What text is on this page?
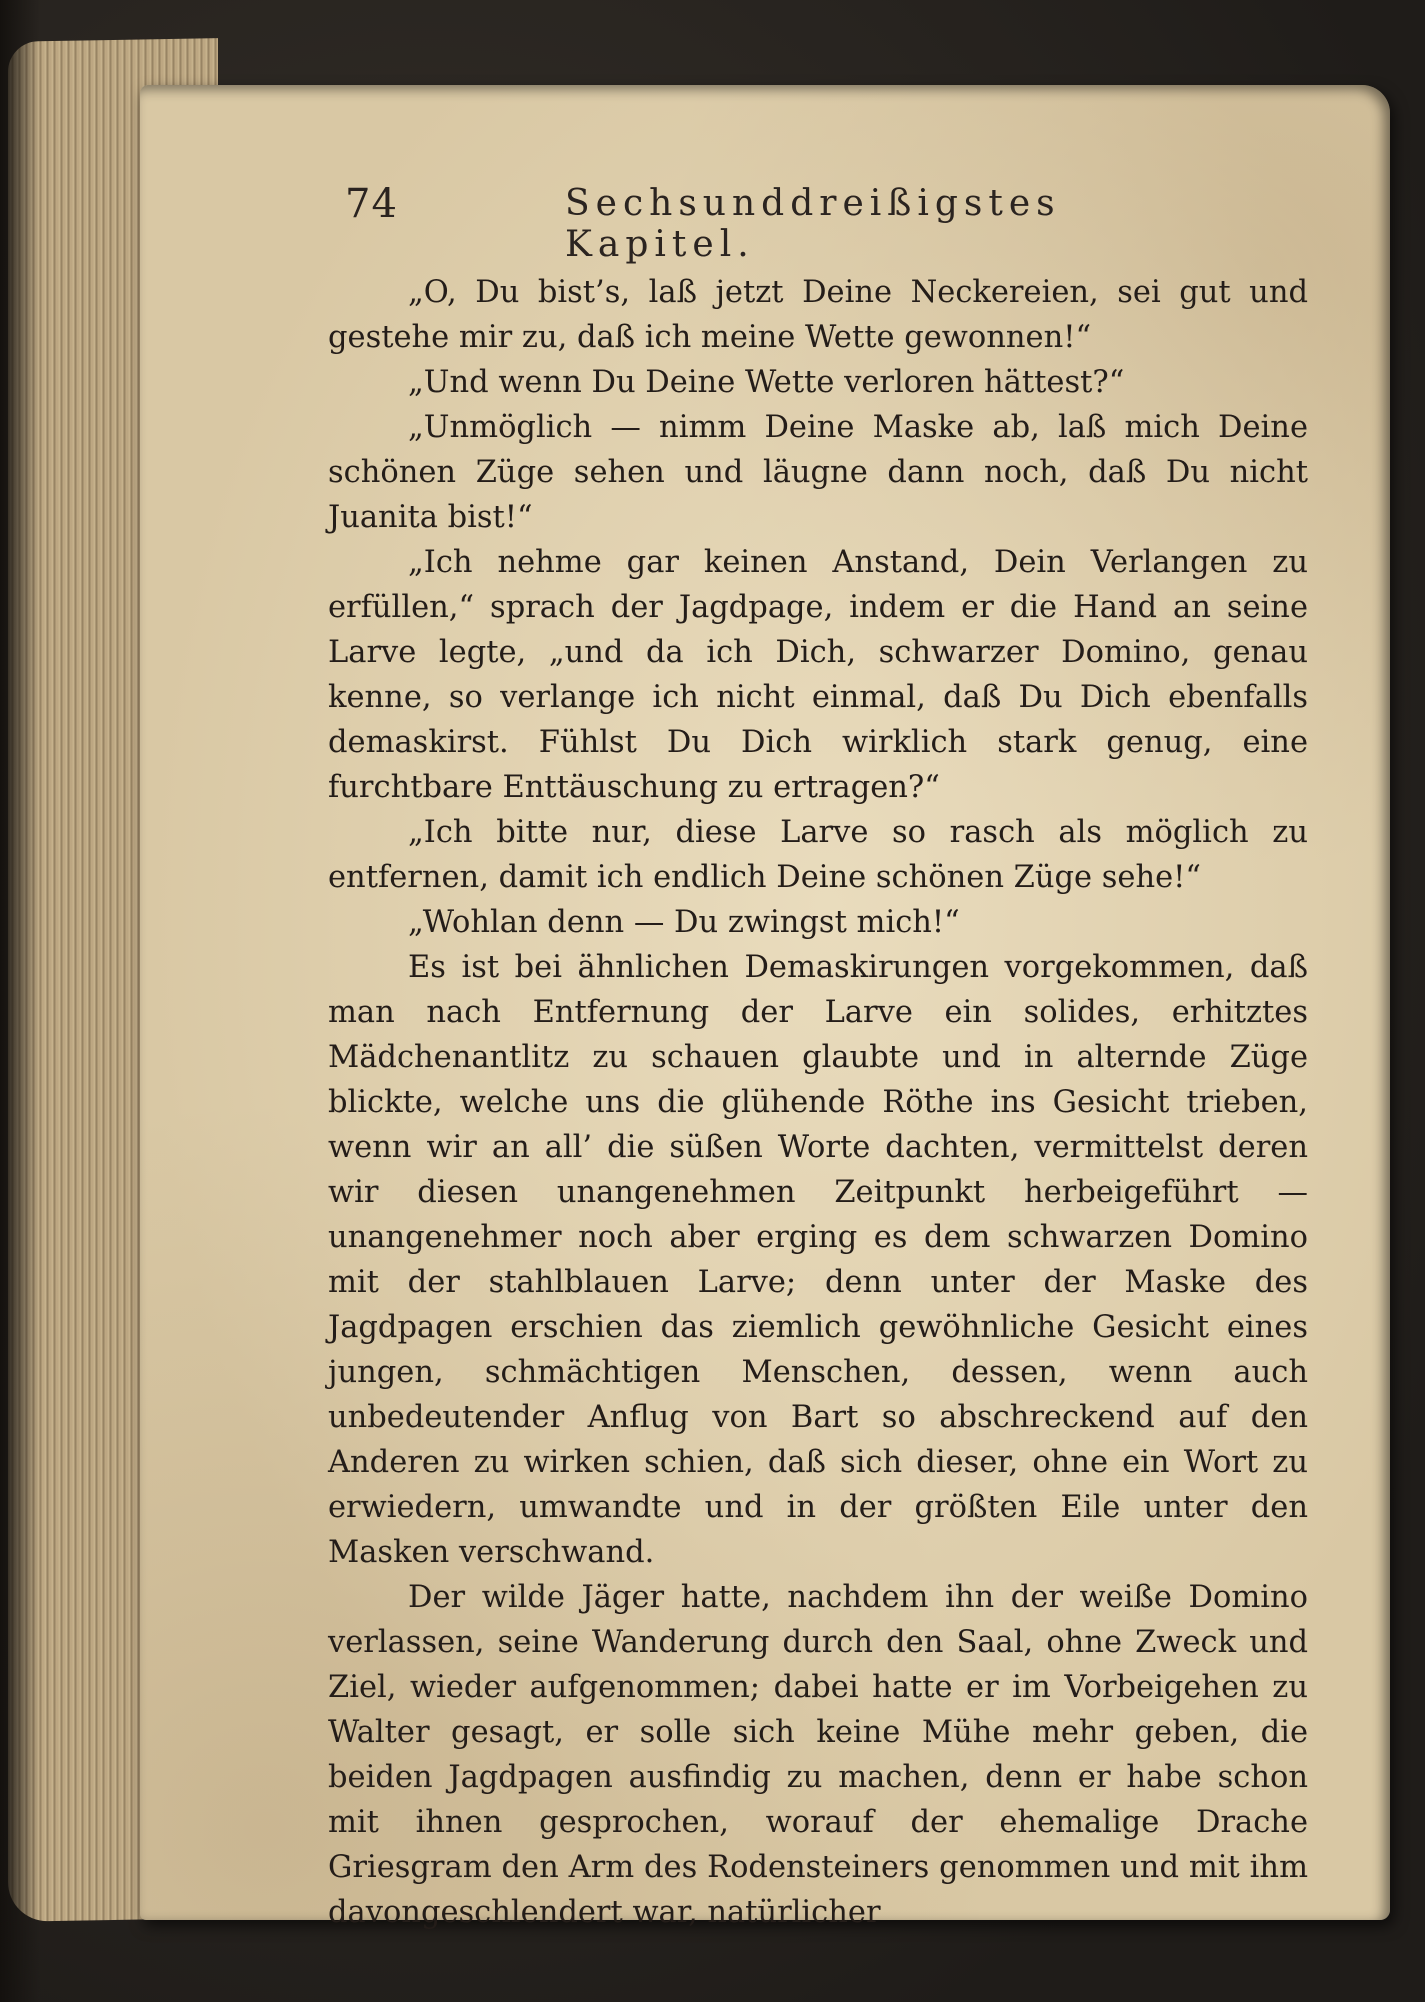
74	Sechsunddreißigstes Kapitel.

„O, Du bist’s, laß jetzt Deine Neckereien, sei gut und gestehe mir zu, daß ich meine Wette gewonnen!“

„Und wenn Du Deine Wette verloren hättest?“

„Unmöglich — nimm Deine Maske ab, laß mich Deine schönen Züge sehen und läugne dann noch, daß Du nicht Juanita bist!“

„Ich nehme gar keinen Anstand, Dein Verlangen zu erfüllen,“ sprach der Jagdpage, indem er die Hand an seine Larve legte, „und da ich Dich, schwarzer Domino, genau kenne, so verlange ich nicht einmal, daß Du Dich ebenfalls demaskirst. Fühlst Du Dich wirklich stark genug, eine furchtbare Enttäuschung zu ertragen?“

„Ich bitte nur, diese Larve so rasch als möglich zu entfernen, damit ich endlich Deine schönen Züge sehe!“

„Wohlan denn — Du zwingst mich!“

Es ist bei ähnlichen Demaskirungen vorgekommen, daß man nach Entfernung der Larve ein solides, erhitztes Mädchenantlitz zu schauen glaubte und in alternde Züge blickte, welche uns die glühende Röthe ins Gesicht trieben, wenn wir an all’ die süßen Worte dachten, vermittelst deren wir diesen unangenehmen Zeitpunkt herbeigeführt — unangenehmer noch aber erging es dem schwarzen Domino mit der stahlblauen Larve; denn unter der Maske des Jagdpagen erschien das ziemlich gewöhnliche Gesicht eines jungen, schmächtigen Menschen, dessen, wenn auch unbedeutender Anflug von Bart so abschreckend auf den Anderen zu wirken schien, daß sich dieser, ohne ein Wort zu erwiedern, umwandte und in der größten Eile unter den Masken verschwand.

Der wilde Jäger hatte, nachdem ihn der weiße Domino verlassen, seine Wanderung durch den Saal, ohne Zweck und Ziel, wieder aufgenommen; dabei hatte er im Vorbeigehen zu Walter gesagt, er solle sich keine Mühe mehr geben, die beiden Jagdpagen ausfindig zu machen, denn er habe schon mit ihnen gesprochen, worauf der ehemalige Drache Griesgram den Arm des Rodensteiners genommen und mit ihm davongeschlendert war, natürlicher
